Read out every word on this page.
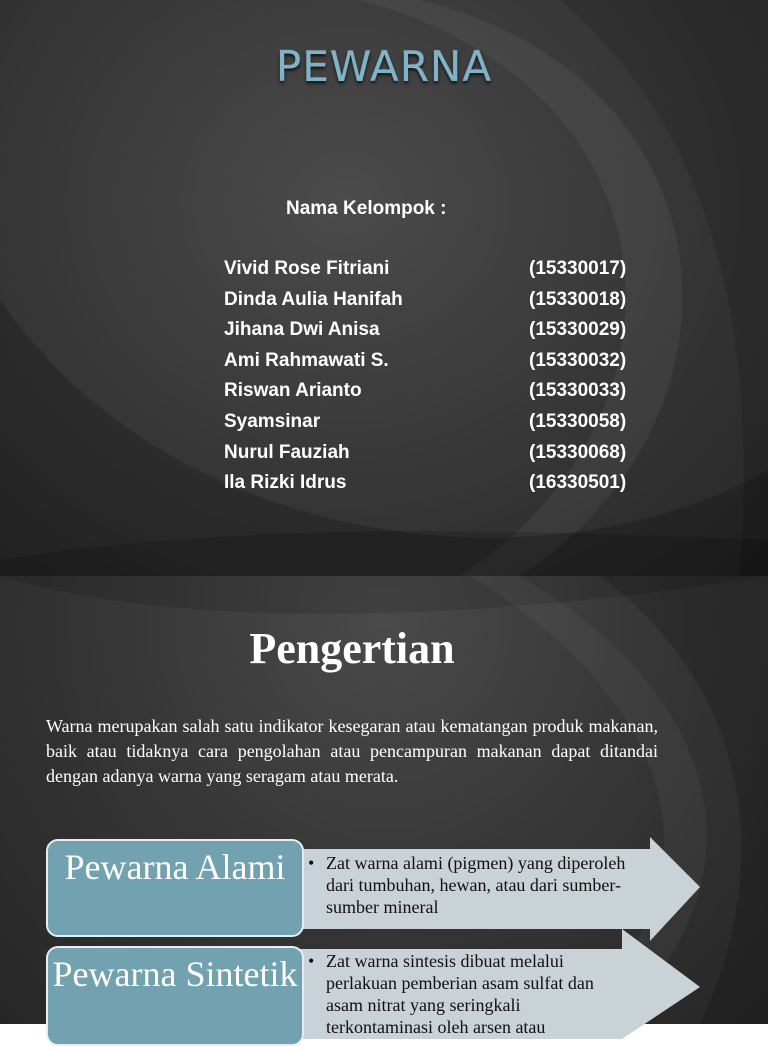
PEWARNA
Nama Kelompok :
Vivid Rose Fitriani	(15330017)
Dinda Aulia Hanifah	(15330018)
Jihana Dwi Anisa	(15330029)
Ami Rahmawati S.	(15330032)
Riswan Arianto	(15330033)
Syamsinar	(15330058)
Nurul Fauziah	(15330068)
Ila Rizki Idrus	(16330501)
Pengertian
Warna merupakan salah satu indikator kesegaran atau kematangan produk makanan, baik atau tidaknya cara pengolahan atau pencampuran makanan dapat ditandai dengan adanya warna yang seragam atau merata.
Pewarna Alami	• Zat warna alami (pigmen) yang diperoleh dari tumbuhan, hewan, atau dari sumber-sumber mineral
Pewarna Sintetik • Zat warna sintesis dibuat melalui perlakuan pemberian asam sulfat dan asam nitrat yang seringkali terkontaminasi oleh arsen atau
